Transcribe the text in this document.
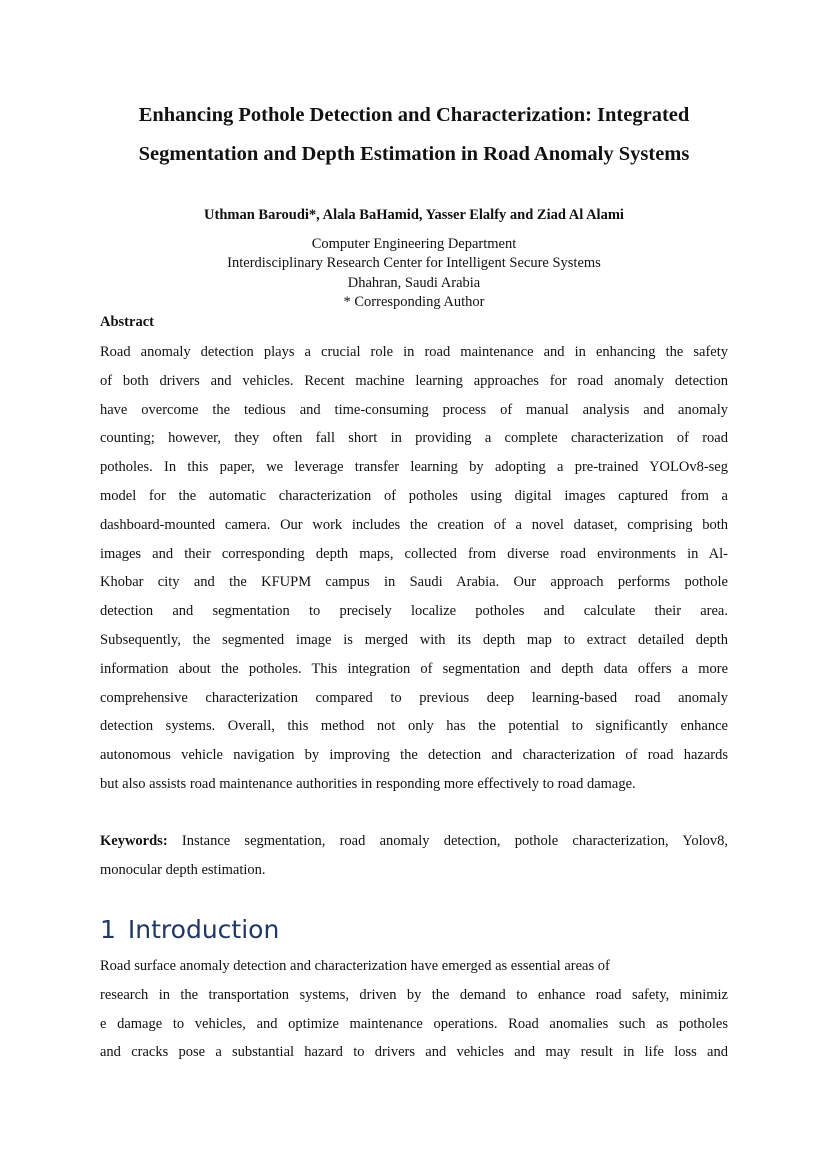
Enhancing Pothole Detection and Characterization: Integrated
Segmentation and Depth Estimation in Road Anomaly Systems
Uthman Baroudi*, Alala BaHamid, Yasser Elalfy and Ziad Al Alami
Computer Engineering Department
Interdisciplinary Research Center for Intelligent Secure Systems
Dhahran, Saudi Arabia
* Corresponding Author
Abstract
Road anomaly detection plays a crucial role in road maintenance and in enhancing the safety
of both drivers and vehicles. Recent machine learning approaches for road anomaly detection
have overcome the tedious and time-consuming process of manual analysis and anomaly
counting; however, they often fall short in providing a complete characterization of road
potholes. In this paper, we leverage transfer learning by adopting a pre-trained YOLOv8-seg
model for the automatic characterization of potholes using digital images captured from a
dashboard-mounted camera. Our work includes the creation of a novel dataset, comprising both
images and their corresponding depth maps, collected from diverse road environments in Al-
Khobar city and the KFUPM campus in Saudi Arabia. Our approach performs pothole
detection and segmentation to precisely localize potholes and calculate their area.
Subsequently, the segmented image is merged with its depth map to extract detailed depth
information about the potholes. This integration of segmentation and depth data offers a more
comprehensive characterization compared to previous deep learning-based road anomaly
detection systems. Overall, this method not only has the potential to significantly enhance
autonomous vehicle navigation by improving the detection and characterization of road hazards
but also assists road maintenance authorities in responding more effectively to road damage.
Keywords: Instance segmentation, road anomaly detection, pothole characterization, Yolov8,
monocular depth estimation.
1 Introduction
Road surface anomaly detection and characterization have emerged as essential areas of
research in the transportation systems, driven by the demand to enhance road safety, minimiz
e damage to vehicles, and optimize maintenance operations. Road anomalies such as potholes
and cracks pose a substantial hazard to drivers and vehicles and may result in life loss and
